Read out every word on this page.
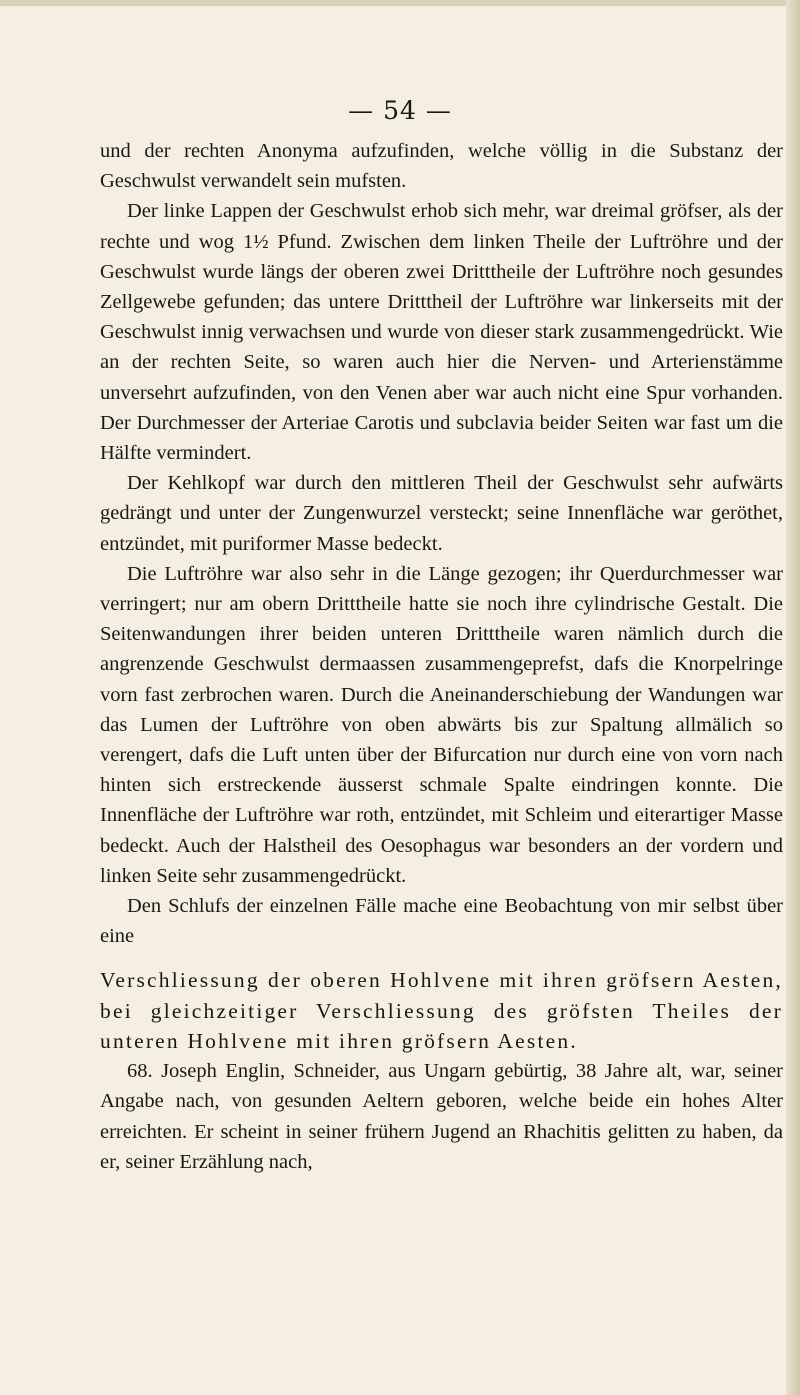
— 54 —

und der rechten Anonyma aufzufinden, welche völlig in die Substanz der Geschwulst verwandelt sein mufsten.

Der linke Lappen der Geschwulst erhob sich mehr, war dreimal gröfser, als der rechte und wog 1½ Pfund. Zwischen dem linken Theile der Luftröhre und der Geschwulst wurde längs der oberen zwei Dritttheile der Luftröhre noch gesundes Zellgewebe gefunden; das untere Dritttheil der Luftröhre war linkerseits mit der Geschwulst innig verwachsen und wurde von dieser stark zusammengedrückt. Wie an der rechten Seite, so waren auch hier die Nerven- und Arterienstämme unversehrt aufzufinden, von den Venen aber war auch nicht eine Spur vorhanden. Der Durchmesser der Arteriae Carotis und subclavia beider Seiten war fast um die Hälfte vermindert.

Der Kehlkopf war durch den mittleren Theil der Geschwulst sehr aufwärts gedrängt und unter der Zungenwurzel versteckt; seine Innenfläche war geröthet, entzündet, mit puriformer Masse bedeckt.

Die Luftröhre war also sehr in die Länge gezogen; ihr Querdurchmesser war verringert; nur am obern Dritttheile hatte sie noch ihre cylindrische Gestalt. Die Seitenwandungen ihrer beiden unteren Dritttheile waren nämlich durch die angrenzende Geschwulst dermaassen zusammengeprefst, dafs die Knorpelringe vorn fast zerbrochen waren. Durch die Aneinanderschiebung der Wandungen war das Lumen der Luftröhre von oben abwärts bis zur Spaltung allmälich so verengert, dafs die Luft unten über der Bifurcation nur durch eine von vorn nach hinten sich erstreckende äusserst schmale Spalte eindringen konnte. Die Innenfläche der Luftröhre war roth, entzündet, mit Schleim und eiterartiger Masse bedeckt. Auch der Halstheil des Oesophagus war besonders an der vordern und linken Seite sehr zusammengedrückt.

Den Schlufs der einzelnen Fälle mache eine Beobachtung von mir selbst über eine

Verschliessung der oberen Hohlvene mit ihren gröfsern Aesten, bei gleichzeitiger Verschliessung des gröfsten Theiles der unteren Hohlvene mit ihren gröfsern Aesten.

68. Joseph Englin, Schneider, aus Ungarn gebürtig, 38 Jahre alt, war, seiner Angabe nach, von gesunden Aeltern geboren, welche beide ein hohes Alter erreichten. Er scheint in seiner frühern Jugend an Rhachitis gelitten zu haben, da er, seiner Erzählung nach,
